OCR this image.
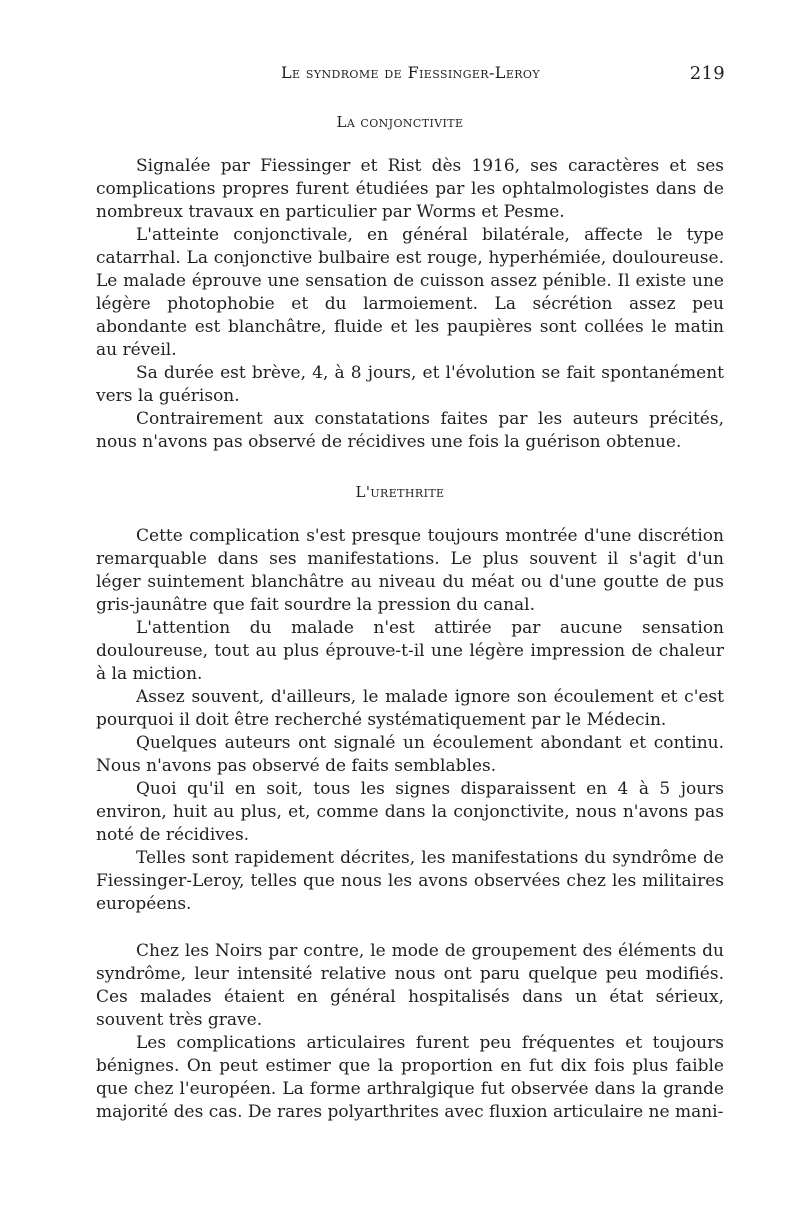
Le syndrome de Fiessinger-Leroy	219
La conjonctivite

Signalée par Fiessinger et Rist dès 1916, ses caractères et ses complications propres furent étudiées par les ophtalmologistes dans de nombreux travaux en particulier par Worms et Pesme.

L'atteinte conjonctivale, en général bilatérale, affecte le type catarrhal. La conjonctive bulbaire est rouge, hyperhémiée, douloureuse. Le malade éprouve une sensation de cuisson assez pénible. Il existe une légère photophobie et du larmoiement. La sécrétion assez peu abondante est blanchâtre, fluide et les paupières sont collées le matin au réveil.

Sa durée est brève, 4, à 8 jours, et l'évolution se fait spontanément vers la guérison.

Contrairement aux constatations faites par les auteurs précités, nous n'avons pas observé de récidives une fois la guérison obtenue.

L'urethrite

Cette complication s'est presque toujours montrée d'une discrétion remarquable dans ses manifestations. Le plus souvent il s'agit d'un léger suintement blanchâtre au niveau du méat ou d'une goutte de pus gris-jaunâtre que fait sourdre la pression du canal.

L'attention du malade n'est attirée par aucune sensation douloureuse, tout au plus éprouve-t-il une légère impression de chaleur à la miction.

Assez souvent, d'ailleurs, le malade ignore son écoulement et c'est pourquoi il doit être recherché systématiquement par le Médecin.

Quelques auteurs ont signalé un écoulement abondant et continu. Nous n'avons pas observé de faits semblables.

Quoi qu'il en soit, tous les signes disparaissent en 4 à 5 jours environ, huit au plus, et, comme dans la conjonctivite, nous n'avons pas noté de récidives.

Telles sont rapidement décrites, les manifestations du syndrôme de Fiessinger-Leroy, telles que nous les avons observées chez les militaires européens.

Chez les Noirs par contre, le mode de groupement des éléments du syndrôme, leur intensité relative nous ont paru quelque peu modifiés. Ces malades étaient en général hospitalisés dans un état sérieux, souvent très grave.

Les complications articulaires furent peu fréquentes et toujours bénignes. On peut estimer que la proportion en fut dix fois plus faible que chez l'européen. La forme arthralgique fut observée dans la grande majorité des cas. De rares polyarthrites avec fluxion articulaire ne mani-
